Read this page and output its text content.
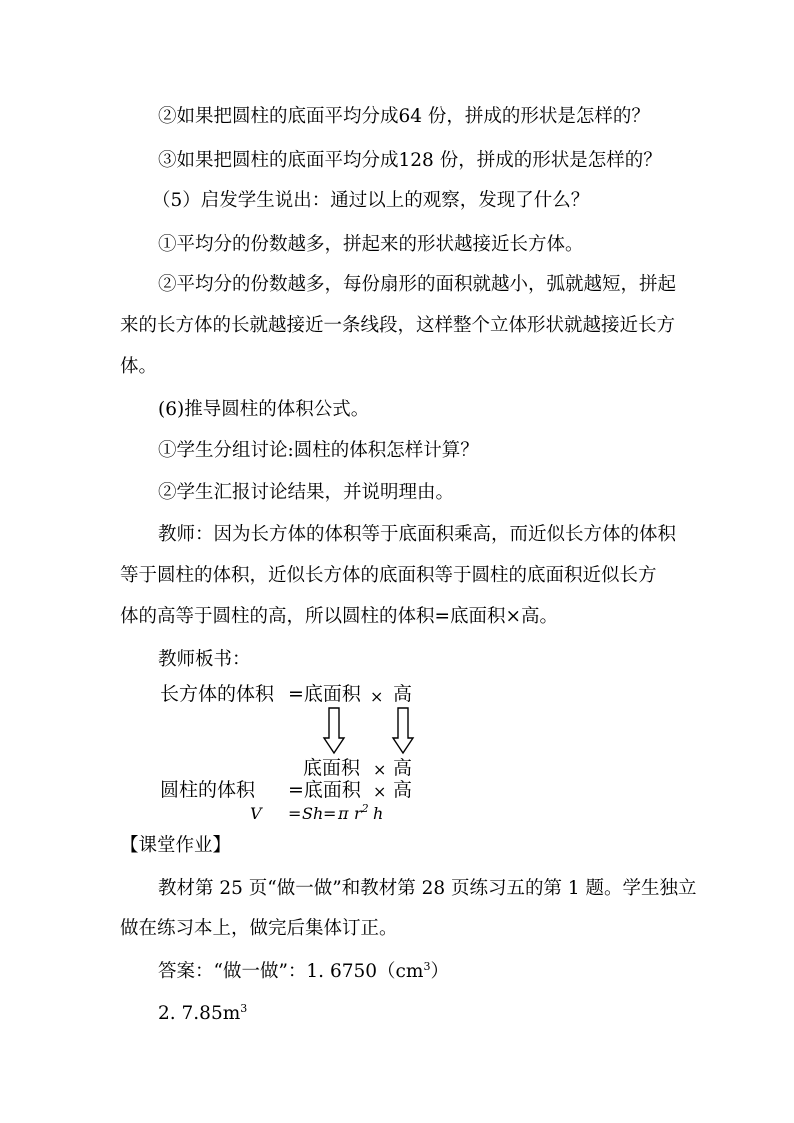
②如果把圆柱的底面平均分成64 份，拼成的形状是怎样的？
③如果把圆柱的底面平均分成128 份，拼成的形状是怎样的？
（5）启发学生说出：通过以上的观察，发现了什么？
①平均分的份数越多，拼起来的形状越接近长方体。
②平均分的份数越多，每份扇形的面积就越小，弧就越短，拼起
来的长方体的长就越接近一条线段，这样整个立体形状就越接近长方
体。
(6)推导圆柱的体积公式。
①学生分组讨论:圆柱的体积怎样计算？
②学生汇报讨论结果，并说明理由。
教师：因为长方体的体积等于底面积乘高，而近似长方体的体积
等于圆柱的体积，近似长方体的底面积等于圆柱的底面积近似长方
体的高等于圆柱的高，所以圆柱的体积=底面积×高。
教师板书：
长方体的体积 =底面积 × 高
底面积 × 高
圆柱的体积 =底面积 × 高
V = Sh = π $r^2$ h
【课堂作业】
教材第 25 页“做一做”和教材第 28 页练习五的第 1 题。学生独立
做在练习本上，做完后集体订正。
答案：“做一做”：1. $6750(cm^3)$
2. $7.85m^3$
